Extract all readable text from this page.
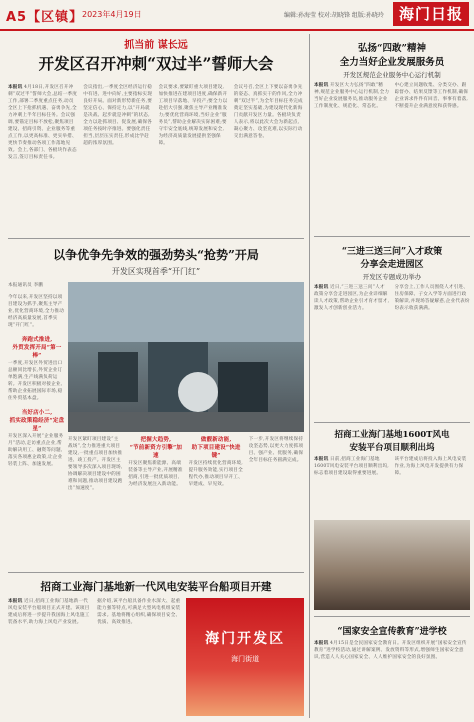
A5【区镇】
2023年4月19日	编辑:孙海莹 校对:胡晓锋 组版:孙晓玲	海门日报
抓当前 谋长远
开发区召开冲刺“双过半”誓师大会
本报讯 4月18日,开发区召开冲刺“双过半”誓师大会,总结一季度工作,部署二季度重点任务,动员全区上下抢抓机遇、奋勇争先,全力冲刺上半年目标任务。会议强调,要锚定目标不放松,聚焦项目建设、招商引资、企业服务等重点工作,以更高标准、更实举措、更快节奏推动各项工作落地见效。会上,各部门、各板块作表态发言,签订目标责任书。
会议指出,一季度全区经济运行稳中有进、进中向好,主要指标实现良好开局。面对新形势新任务,要坚定信心、保持定力,以“开局就是决战、起步就是冲刺”的状态,全力以赴抓项目、促发展,确保各项任务按时序推进。要强化责任担当,层层压实责任,形成比学赶超的浓厚氛围。
会议要求,要紧盯重大项目建设,加快推进在建项目进度,确保新开工项目早落地、早投产;要全力以赴招大引强,聚焦主导产业精准发力;要优化营商环境,当好企业“服务员”,帮助企业解决实际困难;要守牢安全底线,统筹发展和安全,为经济高质量发展提供坚强保障。
会议号召,全区上下要以奋勇争先的姿态、真抓实干的作风,全力冲刺“双过半”,为全年目标任务完成奠定坚实基础,为建设现代化新海门贡献开发区力量。各板块负责人表示,将以此次大会为新起点,凝心聚力、攻坚克难,以实际行动交出满意答卷。
以争优争先争效的强劲势头“抢势”开局
开发区实现首季“开门红”
本报通讯员 李鹏
今年以来,开发区坚持以项目建设为抓手,聚焦主导产业,优化营商环境,全力推动经济高质量发展,首季实现“开门红”。

奔跑式推进,
外贸发挥开局“第一棒”
一季度,开发区外贸进出口总额同比增长,外贸企业订单饱满,生产线满负荷运转。开发区积极对接企业,帮助企业拓展国际市场,稳住外贸基本盘。

当好店小二,
抓实政策稳经济“定盘星”
开发区深入开展“企业服务月”活动,走访重点企业,帮助解决用工、融资等问题,落实各项惠企政策,让企业轻装上阵、加速发展。
开发区紧盯项目建设“主战场”,全力推进重大项目建设,一批重点项目加快推进、竣工投产。开发区主要领导多次深入项目现场,协调解决项目建设中的困难和问题,推动项目建设跑出“加速度”。
把握大趋势,
“节前新资方引擎”加速
开发区聚焦新能源、高端装备等主导产业,开展精准招商,引进一批优质项目,为经济发展注入新动能。
做靓新动能,
助下项目建设“快进键”
开发区持续优化营商环境,提升服务效能,实行项目全程代办,推动项目早开工、早建成、早见效。
下一步,开发区将继续保持攻坚态势,以更大力度抓项目、强产业、优服务,确保全年目标任务圆满完成。
招商工业海门基地新一代风电安装平台船项目开建
本报讯 近日,招商工业海门基地新一代风电安装平台船项目正式开建。该项目建成后将进一步提升我国海上风电施工装备水平,助力海上风电产业发展。
据介绍,该平台船具备作业水深大、起重能力强等特点,可满足大型风电机组安装需求。基地将精心组织,确保项目安全、优质、高效推进。
海门开发区
海门街道
弘扬“四敢”精神
全力当好企业发展服务员
开发区规范企业服务中心运行机制
本报讯 开发区大力弘扬“四敢”精神,规范企业服务中心运行机制,全力当好企业发展服务员,推动服务企业工作制度化、规范化、常态化。
中心建立问题收集、分类交办、跟踪督办、结果反馈等工作机制,确保企业诉求件件有回音、事事有着落,不断提升企业满意度和获得感。
“三进三送三问”入才政策
分享会走进园区
开发区专题成功举办
本报讯 近日,“三进三送三问”人才政策分享会走进园区,为企业详细解读人才政策,帮助企业引才育才留才,激发人才创新创业活力。
分享会上,工作人员围绕人才引进、住房保障、子女入学等方面进行政策解读,并现场答疑解惑,企业代表纷纷表示收获满满。
招商工业海门基地1600T风电
安装平台项目顺利出坞
本报讯 日前,招商工业海门基地1600T风电安装平台项目顺利出坞,标志着项目建设取得重要进展。
该平台建成后将投入海上风电安装作业,为海上风电开发提供有力保障。
“国家安全宣传教育”进学校
本报讯 4月15日是全民国家安全教育日。开发区组织开展“国家安全宣传教育”进学校活动,通过讲解案例、发放资料等形式,增强师生国家安全意识,营造人人关心国家安全、人人维护国家安全的良好氛围。
